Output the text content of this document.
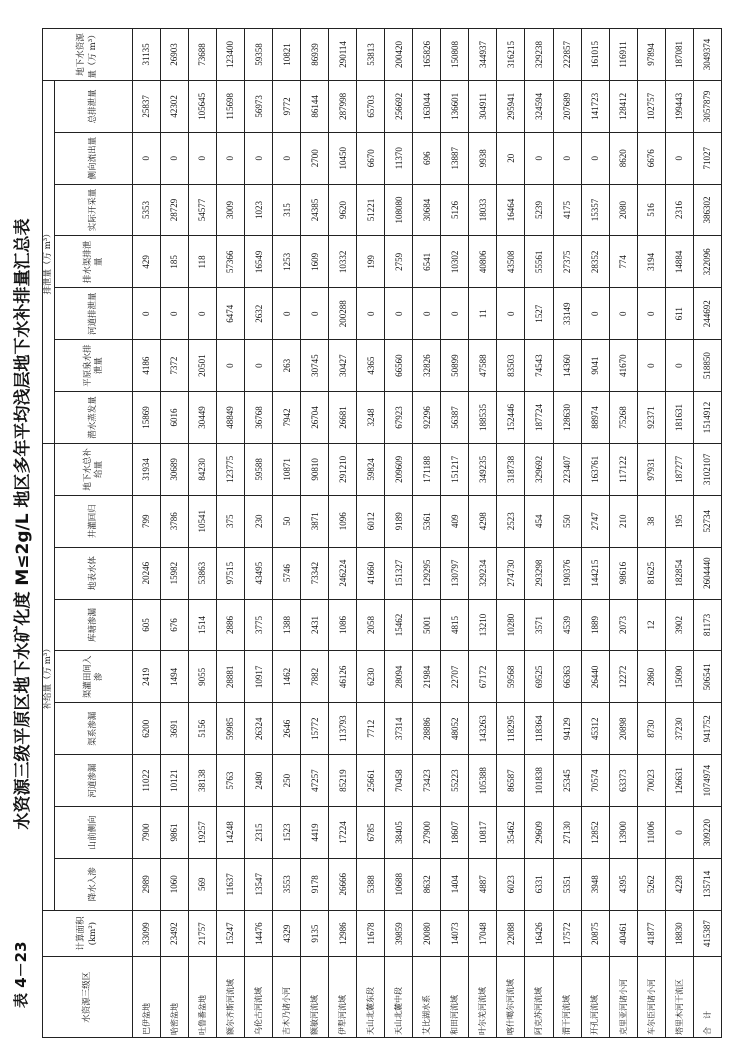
表 4－23
水资源三级平原区地下水矿化度 M≤2g/L 地区多年平均浅层地下水补排量汇总表
水资源三级区	计算面积(km²)	补给量（万 m³）									排泄量（万 m³）							地下水资源量（万 m³）
		降水入渗	山前侧向	河道渗漏	渠系渗漏	渠灌田间入渗	库塘渗漏	地表水体	井灌回归	地下水总补给量	潜水蒸发量	平原泉水排泄量	河道排泄量	排水渠排泄量	实际开采量	侧向流出量	总排泄量	
巴伊盆地	33099	2989	7900	11022	6200	2419	605	20246	799	31934	15869	4186	0	429	5353	0	25837	31135
哈密盆地	23492	1060	9861	10121	3691	1494	676	15982	3786	30689	6016	7372	0	185	28729	0	42302	26903
吐鲁番盆地	21757	569	19257	38138	5156	9055	1514	53863	10541	84230	30449	20501	0	118	54577	0	105645	73688
额尔齐斯河流域	15247	11637	14248	5763	59985	28881	2886	97515	375	123775	48849	0	6474	57366	3009	0	115698	123400
乌伦古河流域	14476	13547	2315	2480	26324	10917	3775	43495	230	59588	36768	0	2632	16549	1023	0	56973	59358
吉木乃诸小河	4329	3553	1523	250	2646	1462	1388	5746	50	10871	7942	263	0	1253	315	0	9772	10821
额敏河流域	9135	9178	4419	47257	15772	7882	2431	73342	3871	90810	26704	30745	0	1609	24385	2700	86144	86939
伊犁河流域	12986	26666	17224	85219	113793	46126	1086	246224	1096	291210	26681	30427	200288	10332	9620	10450	287998	290114
天山北麓东段	11678	5388	6785	25661	7712	6230	2058	41660	6012	59824	3248	4365	0	199	51221	6670	65703	53813
天山北麓中段	39859	10688	38405	70458	37314	28094	15462	151327	9189	209609	67923	66560	0	2759	108080	11370	256692	200420
艾比湖水系	20080	8632	27900	73423	28886	21984	5001	129295	5361	171188	92296	32826	0	6541	30684	696	163044	165826
和田河流域	14073	1404	18607	55223	48052	22707	4815	130797	409	151217	56387	50899	0	10302	5126	13887	136601	150808
叶尔羌河流域	17048	4887	10817	105388	143263	67172	13210	329234	4298	349235	188535	47588	11	40806	18033	9938	304911	344937
喀什噶尔河流域	22088	6023	35462	86587	118295	59568	10280	274730	2523	318738	152446	83503	0	43508	16464	20	295941	316215
阿克苏河流域	16426	6331	29609	101838	118364	69525	3571	293298	454	329692	187724	74543	1527	55561	5239	0	324594	329238
渭干河流域	17572	5351	27130	25345	94129	66363	4539	190376	550	223407	128630	14360	33149	27375	4175	0	207689	222857
开孔河流域	20875	3948	12852	70574	45312	26440	1889	144215	2747	163761	88974	9041	0	28352	15357	0	141723	161015
克里亚河诸小河	40461	4395	13900	63373	20898	12272	2073	98616	210	117122	75268	41670	0	774	2080	8620	128412	116911
车尔臣河诸小河	41877	5262	11006	70023	8730	2860	12	81625	38	97931	92371	0	0	3194	516	6676	102757	97894
塔里木河干流区	18830	4228	0	126631	37230	15090	3902	182854	195	187277	181631	0	611	14884	2316	0	199443	187081
合　计	415387	135714	309220	1074974	941752	506541	81173	2604440	52734	3102107	1514912	518850	244692	322096	386302	71027	3057879	3049374
